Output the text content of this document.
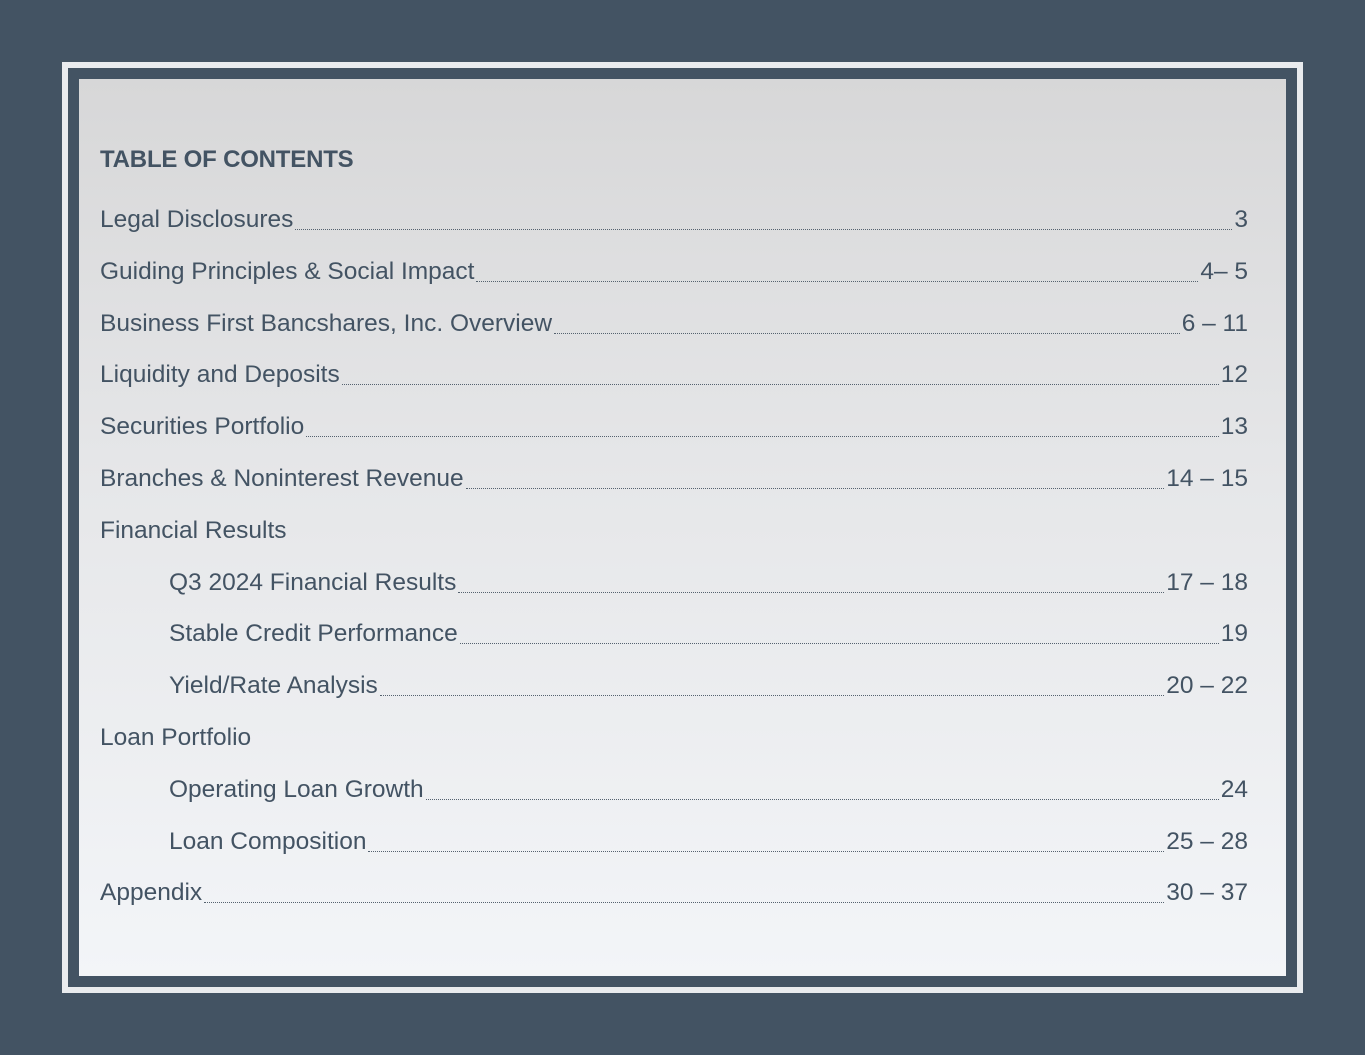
TABLE OF CONTENTS
Legal Disclosures	3
Guiding Principles & Social Impact	4– 5
Business First Bancshares, Inc. Overview	6 – 11
Liquidity and Deposits	12
Securities Portfolio	13
Branches & Noninterest Revenue	14 – 15
Financial Results
Q3 2024 Financial Results	17 – 18
Stable Credit Performance	19
Yield/Rate Analysis	20 – 22
Loan Portfolio
Operating Loan Growth	24
Loan Composition	25 – 28
Appendix	30 – 37
